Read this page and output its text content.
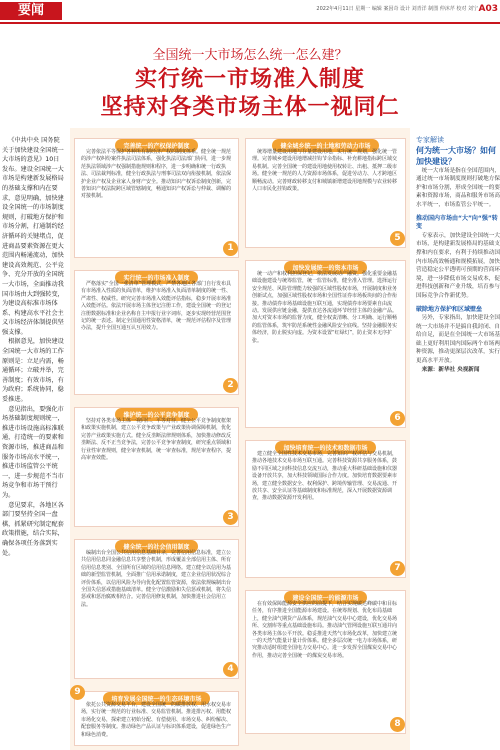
要闻	2022年4月11日 星期一 编辑 案因奇 设计 刘青洋 制图 仲沐芹 校对 刘宁 A03
全国统一大市场怎么统一怎么建？
实行统一市场准入制度
坚持对各类市场主体一视同仁

《中共中央 国务院关于加快建设全国统一大市场的意见》10日发布。建设全国统一大市场是构建新发展格局的基础支撑和内在要求，意见明确，加快建设全国统一的市场制度规则，打破地方保护和市场分割，打通制约经济循环的关键堵点，促进商品要素资源在更大范围内畅通流动，加快建设高效规范、公平竞争、充分开放的全国统一大市场，全面推动我国市场由大到强转变，为建设高标准市场体系、构建高水平社会主义市场经济体制提供坚强支撑。

根据意见，加快建设全国统一大市场的工作原则是：立足内需，畅通循环；立破并举，完善制度；有效市场，有为政府；系统协同，稳妥推进。

意见指出，要强化市场基础制度规则统一，推进市场设施高标准联通，打造统一的要素和资源市场，推进商品和服务市场高水平统一，推进市场监管公平统一，进一步规范不当市场竞争和市场干预行为。

意见要求，各地区各部门要坚持全国一盘棋，抓紧研究制定配套政策措施，结合实际，确保各项任务落到实处。

完善统一的产权保护制度

完善依法平等保护各种所有制经济产权的制度体系。健全统一规范的涉产权纠纷案件执法司法体系，强化执法司法部门协同，进一步规范执法领域涉产权强制措施规则和程序，进一步明确和统一行政执法、司法裁判标准，健全行政执法与刑事司法双向衔接机制，依法保护企业产权及企业家人身财产安全。推动知识产权诉讼制度创新，完善知识产权法院跨区域管辖制度，畅通知识产权诉讼与仲裁、调解的对接机制。

1
实行统一的市场准入制度

严格落实“全国一张清单”管理模式，严禁各地区各部门自行发布具有市场准入性质的负面清单，维护市场准入负面清单制度的统一性、严肃性、权威性。研究完善市场准入效能评估指标，稳步开展市场准入效能评估。依法开展市场主体登记注册工作，建设全国统一的登记注册数据标准和企业名称自主申报行业字词库，逐步实现经营范围登记的统一表述。制定全国通用性资格清单，统一规范评估程序及管理办法，提升全国互通互认互用效力。

2
维护统一的公平竞争制度

坚持对各类市场主体一视同仁、平等对待。健全公平竞争制度框架和政策实施机制，建立公平竞争政策与产业政策协调保障机制，优化完善产业政策实施方式。健全反垄断法律规则体系，加快推动修改反垄断法、反不正当竞争法，完善公平竞争审查制度，研究重点领域和行业性审查规则，健全审查机制，统一审查标准，规范审查程序，提高审查效能。

3
健全统一的社会信用制度

编制出台全国公共信用信息基础目录，完善信用信息标准，建立公共信用信息同金融信息共享整合机制，形成覆盖全部信用主体、所有信用信息类别、全国所有区域的信用信息网络。建立健全以信用为基础的新型监管机制，全面推广信用承诺制度，建立企业信用状况综合评价体系，以信用风险为导向优化配置监管资源，依法依规编制出台全国失信惩戒措施基础清单。健全守信激励和失信惩戒机制，将失信惩戒和惩治腐败相结合。完善信用修复机制，加快推进社会信用立法。

4
健全城乡统一的土地和劳动力市场

统筹增量建设用地与存量建设用地，实行统一规划，强化统一管理。完善城乡建设用地增减挂钩节余指标、补充耕地指标跨区域交易机制。完善全国统一的建设用地使用权转让、出租、抵押二级市场。健全统一规范的人力资源市场体系，促进劳动力、人才跨地区顺畅流动。完善财政转移支付和城镇新增建设用地规模与农业转移人口市民化挂钩政策。

5
加快发展统一的资本市场

统一动产和权利担保登记，依法发展动产融资。强化重要金融基础设施建设与统筹监管，统一监管标准，健全准入管理。选择运行安全规范、风险管理能力较强的区域性股权市场，开展制度和业务创新试点，加强区域性股权市场和全国性证券市场板块间的合作衔接。推动债券市场基础设施互联互通，实现债券市场要素自由流动。发展供应链金融，提供直达各流通环节经营主体的金融产品。加大对资本市场的监督力度，健全权责清晰、分工明确、运行顺畅的监管体系，筑牢防范系统性金融风险安全底线。坚持金融服务实体经济，防止脱实向虚。为资本设置“红绿灯”，防止资本无序扩张。

6
加快培育统一的技术和数据市场

建立健全全国性技术交易市场，完善知识产权评估与交易机制，推动各地技术交易市场互联互通。完善科技资源共享服务体系，鼓励不同区域之间科技信息交流互动，推动重大科研基础设施和仪器设备开放共享，加大科技领域国际合作力度。加快培育数据要素市场，建立健全数据安全、权利保护、跨境传输管理、交易流通、开放共享、安全认证等基础制度和标准规范，深入开展数据资源调查，推动数据资源开发利用。

7
建设全国统一的能源市场

在有效保障能源安全供应的前提下，结合实现碳达峰碳中和目标任务，有序推进全国能源市场建设。在统筹规划、优化布局基础上，健全油气期货产品体系，规范油气交易中心建设，优化交易场所、交割库等重点基础设施布局。推动油气管网设施互联互通并向各类市场主体公平开放。稳妥推进天然气市场化改革，加快建立统一的天然气能量计量计价体系。健全多层次统一电力市场体系，研究推动适时组建全国电力交易中心。进一步发挥全国煤炭交易中心作用，推动完善全国统一的煤炭交易市场。

8
培育发展全国统一的生态环境市场

依托公共资源交易平台，建设全国统一的碳排放权、用水权交易市场，实行统一规范的行业标准、交易监管机制。推进排污权、用能权市场化交易，探索建立初始分配、有偿使用、市场交易、纠纷解决、配套服务等制度。推动绿色产品认证与标识体系建设，促进绿色生产和绿色消费。

9
专家解读
何为统一大市场？如何加快建设？

统一大市场是指在全国范围内，通过统一市场制度规则打破地方保护和市场分割，形成全国统一的要素和资源市场，商品和服务市场高水平统一，市场监管公平统一。

推动国内市场由“大”向“强”转变

专家表示，加快建设全国统一大市场，是构建新发展格局的基础支撑和内在要求，有利于持续推动国内市场高效畅通和规模拓展，加快营造稳定公平透明可预期的营商环境，进一步降低市场交易成本，促进科技创新和产业升级，培育参与国际竞争合作新优势。

破除地方保护和区域壁垒

另外，专家指出，加快建设全国统一大市场并不是搞自我封闭、自给自足，而是在全国统一大市场基础上更好利用国内国际两个市场两种资源，推动更深层次改革，实行更高水平开放。

来源：新华社 央视新闻
